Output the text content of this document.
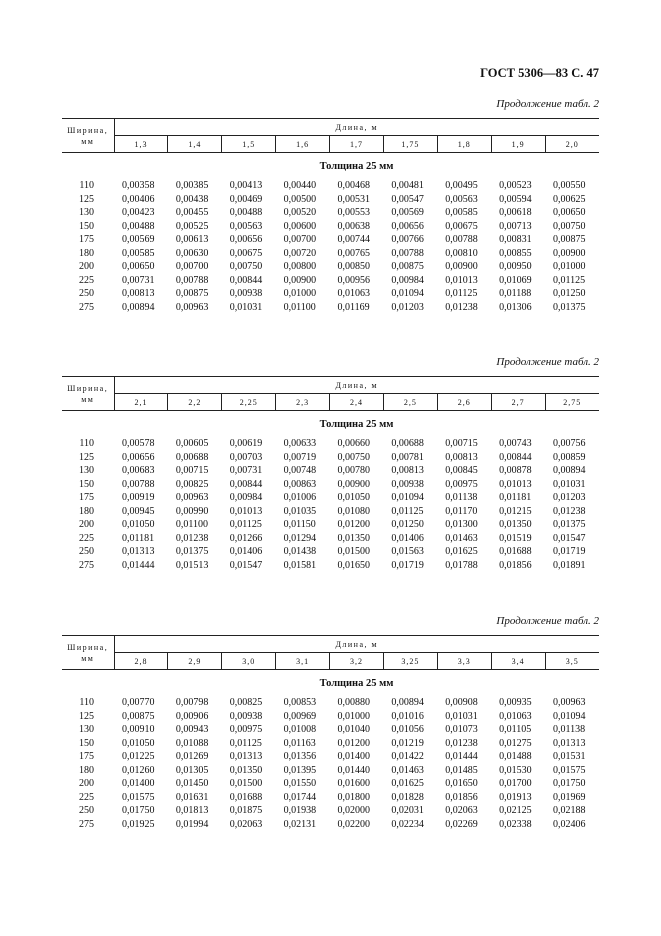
ГОСТ 5306—83 С. 47
Продолжение табл. 2
Ширина, мм	Длина, м								
	1,3	1,4	1,5	1,6	1,7	1,75	1,8	1,9	2,0
	Толщина 25 мм								
110	0,00358	0,00385	0,00413	0,00440	0,00468	0,00481	0,00495	0,00523	0,00550
125	0,00406	0,00438	0,00469	0,00500	0,00531	0,00547	0,00563	0,00594	0,00625
130	0,00423	0,00455	0,00488	0,00520	0,00553	0,00569	0,00585	0,00618	0,00650
150	0,00488	0,00525	0,00563	0,00600	0,00638	0,00656	0,00675	0,00713	0,00750
175	0,00569	0,00613	0,00656	0,00700	0,00744	0,00766	0,00788	0,00831	0,00875
180	0,00585	0,00630	0,00675	0,00720	0,00765	0,00788	0,00810	0,00855	0,00900
200	0,00650	0,00700	0,00750	0,00800	0,00850	0,00875	0,00900	0,00950	0,01000
225	0,00731	0,00788	0,00844	0,00900	0,00956	0,00984	0,01013	0,01069	0,01125
250	0,00813	0,00875	0,00938	0,01000	0,01063	0,01094	0,01125	0,01188	0,01250
275	0,00894	0,00963	0,01031	0,01100	0,01169	0,01203	0,01238	0,01306	0,01375
Продолжение табл. 2
Ширина, мм	Длина, м								
	2,1	2,2	2,25	2,3	2,4	2,5	2,6	2,7	2,75
	Толщина 25 мм								
110	0,00578	0,00605	0,00619	0,00633	0,00660	0,00688	0,00715	0,00743	0,00756
125	0,00656	0,00688	0,00703	0,00719	0,00750	0,00781	0,00813	0,00844	0,00859
130	0,00683	0,00715	0,00731	0,00748	0,00780	0,00813	0,00845	0,00878	0,00894
150	0,00788	0,00825	0,00844	0,00863	0,00900	0,00938	0,00975	0,01013	0,01031
175	0,00919	0,00963	0,00984	0,01006	0,01050	0,01094	0,01138	0,01181	0,01203
180	0,00945	0,00990	0,01013	0,01035	0,01080	0,01125	0,01170	0,01215	0,01238
200	0,01050	0,01100	0,01125	0,01150	0,01200	0,01250	0,01300	0,01350	0,01375
225	0,01181	0,01238	0,01266	0,01294	0,01350	0,01406	0,01463	0,01519	0,01547
250	0,01313	0,01375	0,01406	0,01438	0,01500	0,01563	0,01625	0,01688	0,01719
275	0,01444	0,01513	0,01547	0,01581	0,01650	0,01719	0,01788	0,01856	0,01891
Продолжение табл. 2
Ширина, мм	Длина, м								
	2,8	2,9	3,0	3,1	3,2	3,25	3,3	3,4	3,5
	Толщина 25 мм								
110	0,00770	0,00798	0,00825	0,00853	0,00880	0,00894	0,00908	0,00935	0,00963
125	0,00875	0,00906	0,00938	0,00969	0,01000	0,01016	0,01031	0,01063	0,01094
130	0,00910	0,00943	0,00975	0,01008	0,01040	0,01056	0,01073	0,01105	0,01138
150	0,01050	0,01088	0,01125	0,01163	0,01200	0,01219	0,01238	0,01275	0,01313
175	0,01225	0,01269	0,01313	0,01356	0,01400	0,01422	0,01444	0,01488	0,01531
180	0,01260	0,01305	0,01350	0,01395	0,01440	0,01463	0,01485	0,01530	0,01575
200	0,01400	0,01450	0,01500	0,01550	0,01600	0,01625	0,01650	0,01700	0,01750
225	0,01575	0,01631	0,01688	0,01744	0,01800	0,01828	0,01856	0,01913	0,01969
250	0,01750	0,01813	0,01875	0,01938	0,02000	0,02031	0,02063	0,02125	0,02188
275	0,01925	0,01994	0,02063	0,02131	0,02200	0,02234	0,02269	0,02338	0,02406
